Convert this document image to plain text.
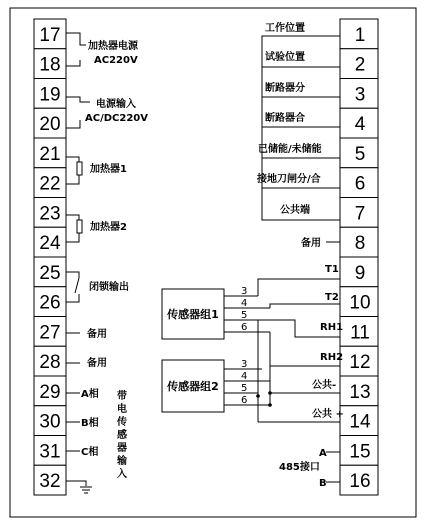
17
18
19
20
21
22
23
24
25
26
27
28
29
30
31
32
1
2
3
4
5
6
7
8
9
10
11
12
13
14
15
16
加热器电源
AC220V
电源输入
AC/DC220V
加热器1
加热器2
闭锁输出
备用
备用
A相
B相
C相
带
电
传
感
器
输
入
传感器组1
3
4
5
6
传感器组2
3
4
5
6
485接口
工作位置
试验位置
断路器分
断路器合
已储能/未储能
接地刀闸分/合
公共端
备用
T1
T2
RH1
RH2
公共-
公共 +
A
B
